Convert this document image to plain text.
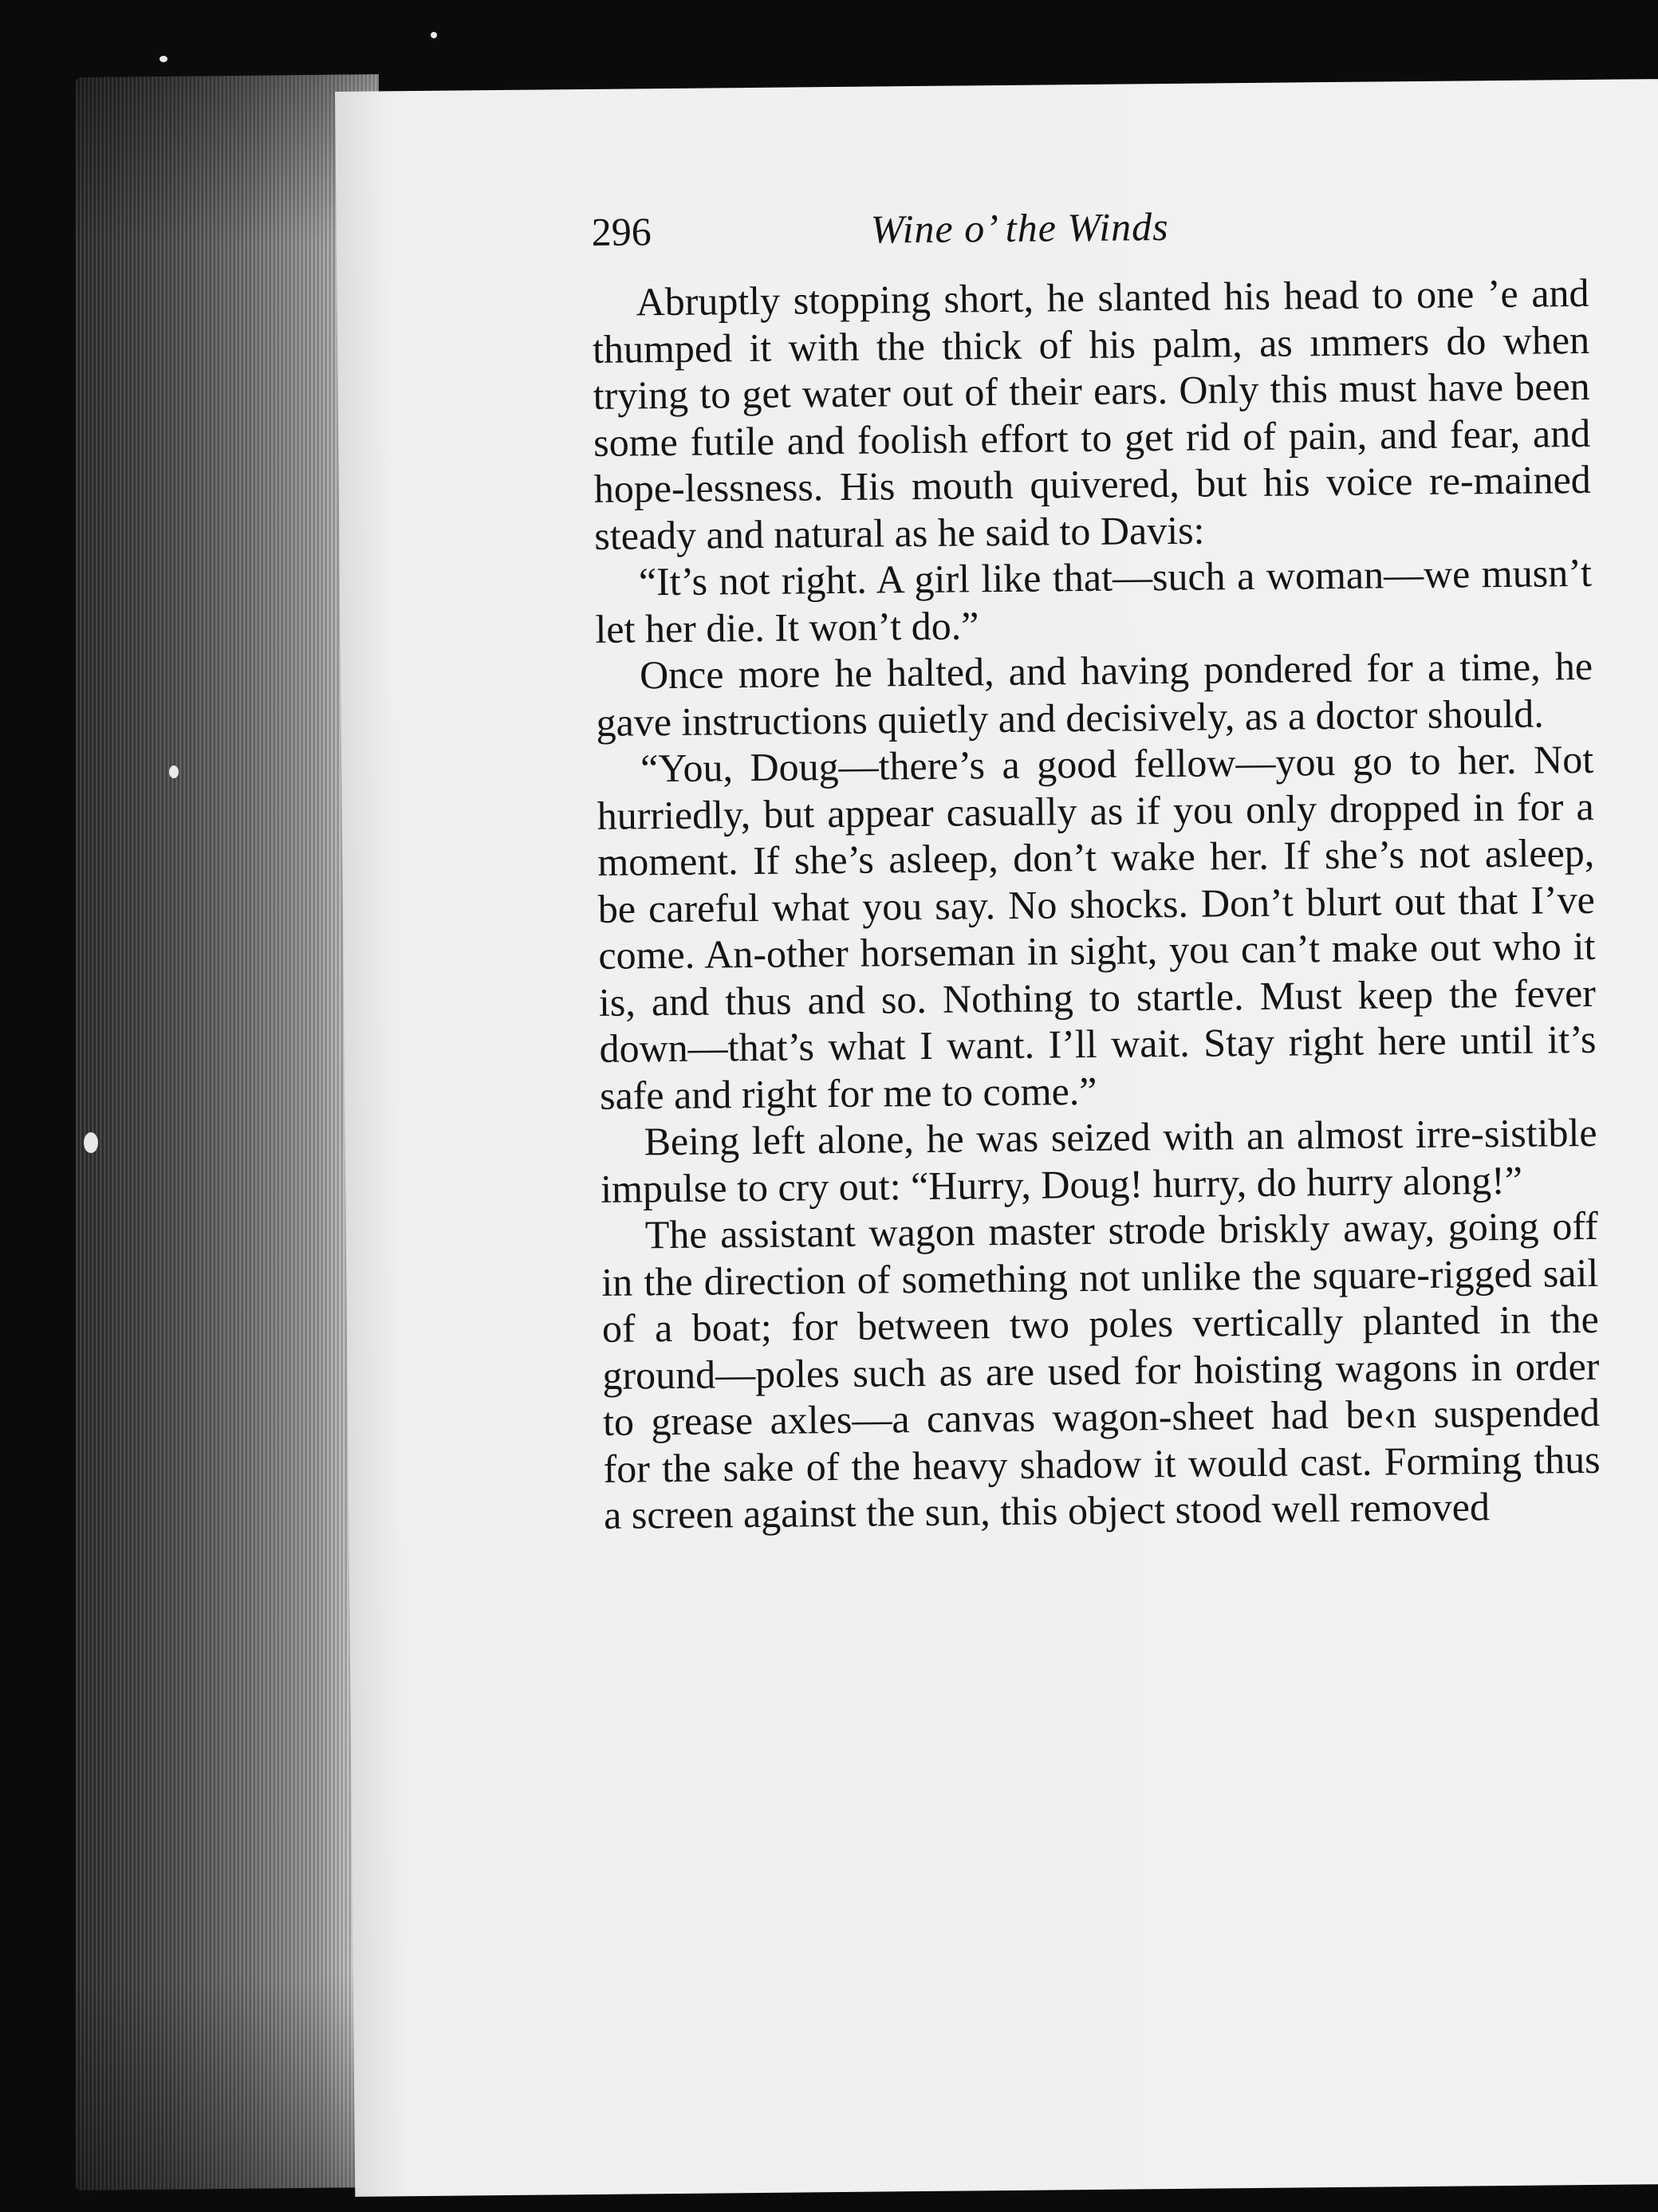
296	Wine o’ the Winds

Abruptly stopping short, he slanted his head to one ’e and thumped it with the thick of his palm, as ımmers do when trying to get water out of their ears. Only this must have been some futile and foolish effort to get rid of pain, and fear, and hope-lessness. His mouth quivered, but his voice re-mained steady and natural as he said to Davis:

“It’s not right. A girl like that—such a woman—we musn’t let her die. It won’t do.”

Once more he halted, and having pondered for a time, he gave instructions quietly and decisively, as a doctor should.

“You, Doug—there’s a good fellow—you go to her. Not hurriedly, but appear casually as if you only dropped in for a moment. If she’s asleep, don’t wake her. If she’s not asleep, be careful what you say. No shocks. Don’t blurt out that I’ve come. An-other horseman in sight, you can’t make out who it is, and thus and so. Nothing to startle. Must keep the fever down—that’s what I want. I’ll wait. Stay right here until it’s safe and right for me to come.”

Being left alone, he was seized with an almost irre-sistible impulse to cry out: “Hurry, Doug! hurry, do hurry along!”

The assistant wagon master strode briskly away, going off in the direction of something not unlike the square-rigged sail of a boat; for between two poles vertically planted in the ground—poles such as are used for hoisting wagons in order to grease axles—a canvas wagon-sheet had be‹n suspended for the sake of the heavy shadow it would cast. Forming thus a screen against the sun, this object stood well removed
